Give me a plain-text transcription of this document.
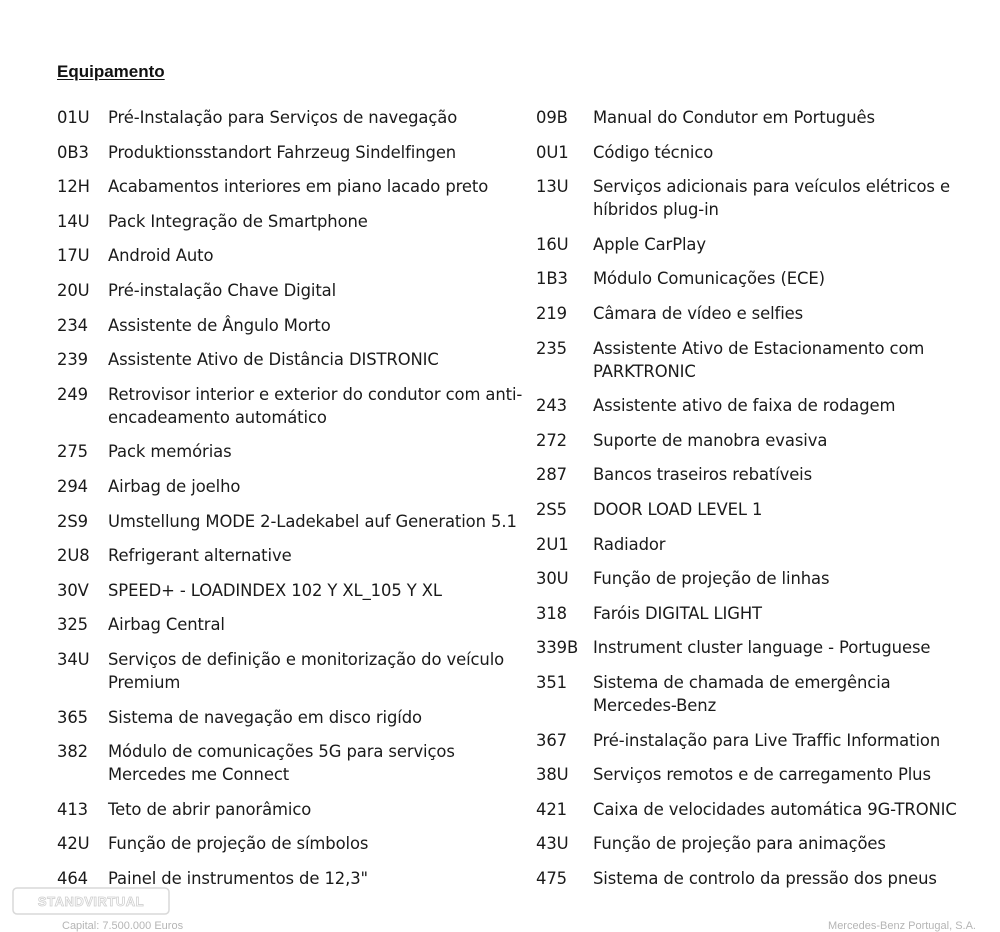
Equipamento
01U	Pré-Instalação para Serviços de navegação
0B3	Produktionsstandort Fahrzeug Sindelfingen
12H	Acabamentos interiores em piano lacado preto
14U	Pack Integração de Smartphone
17U	Android Auto
20U	Pré-instalação Chave Digital
234	Assistente de Ângulo Morto
239	Assistente Ativo de Distância DISTRONIC
249	Retrovisor interior e exterior do condutor com anti-encadeamento automático
275	Pack memórias
294	Airbag de joelho
2S9	Umstellung MODE 2-Ladekabel auf Generation 5.1
2U8	Refrigerant alternative
30V	SPEED+ - LOADINDEX 102 Y XL_105 Y XL
325	Airbag Central
34U	Serviços de definição e monitorização do veículo Premium
365	Sistema de navegação em disco rigído
382	Módulo de comunicações 5G para serviços Mercedes me Connect
413	Teto de abrir panorâmico
42U	Função de projeção de símbolos
464	Painel de instrumentos de 12,3"
09B	Manual do Condutor em Português
0U1	Código técnico
13U	Serviços adicionais para veículos elétricos e híbridos plug-in
16U	Apple CarPlay
1B3	Módulo Comunicações (ECE)
219	Câmara de vídeo e selfies
235	Assistente Ativo de Estacionamento com PARKTRONIC
243	Assistente ativo de faixa de rodagem
272	Suporte de manobra evasiva
287	Bancos traseiros rebatíveis
2S5	DOOR LOAD LEVEL 1
2U1	Radiador
30U	Função de projeção de linhas
318	Faróis DIGITAL LIGHT
339B Instrument cluster language - Portuguese
351	Sistema de chamada de emergência Mercedes-Benz
367	Pré-instalação para Live Traffic Information
38U	Serviços remotos e de carregamento Plus
421	Caixa de velocidades automática 9G-TRONIC
43U	Função de projeção para animações
475	Sistema de controlo da pressão dos pneus
STANDVIRTUAL
Capital: 7.500.000 Euros	Mercedes-Benz Portugal, S.A.
